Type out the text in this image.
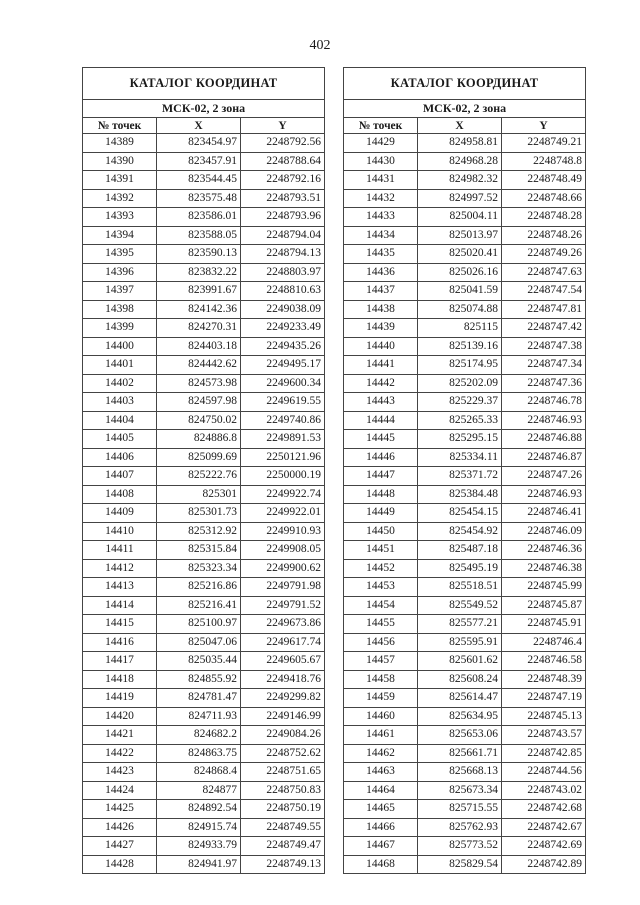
402
КАТАЛОГ КООРДИНАТ		
МСК-02, 2 зона		
№ точек	X	Y
14389	823454.97	2248792.56
14390	823457.91	2248788.64
14391	823544.45	2248792.16
14392	823575.48	2248793.51
14393	823586.01	2248793.96
14394	823588.05	2248794.04
14395	823590.13	2248794.13
14396	823832.22	2248803.97
14397	823991.67	2248810.63
14398	824142.36	2249038.09
14399	824270.31	2249233.49
14400	824403.18	2249435.26
14401	824442.62	2249495.17
14402	824573.98	2249600.34
14403	824597.98	2249619.55
14404	824750.02	2249740.86
14405	824886.8	2249891.53
14406	825099.69	2250121.96
14407	825222.76	2250000.19
14408	825301	2249922.74
14409	825301.73	2249922.01
14410	825312.92	2249910.93
14411	825315.84	2249908.05
14412	825323.34	2249900.62
14413	825216.86	2249791.98
14414	825216.41	2249791.52
14415	825100.97	2249673.86
14416	825047.06	2249617.74
14417	825035.44	2249605.67
14418	824855.92	2249418.76
14419	824781.47	2249299.82
14420	824711.93	2249146.99
14421	824682.2	2249084.26
14422	824863.75	2248752.62
14423	824868.4	2248751.65
14424	824877	2248750.83
14425	824892.54	2248750.19
14426	824915.74	2248749.55
14427	824933.79	2248749.47
14428	824941.97	2248749.13
КАТАЛОГ КООРДИНАТ		
МСК-02, 2 зона		
№ точек	X	Y
14429	824958.81	2248749.21
14430	824968.28	2248748.8
14431	824982.32	2248748.49
14432	824997.52	2248748.66
14433	825004.11	2248748.28
14434	825013.97	2248748.26
14435	825020.41	2248749.26
14436	825026.16	2248747.63
14437	825041.59	2248747.54
14438	825074.88	2248747.81
14439	825115	2248747.42
14440	825139.16	2248747.38
14441	825174.95	2248747.34
14442	825202.09	2248747.36
14443	825229.37	2248746.78
14444	825265.33	2248746.93
14445	825295.15	2248746.88
14446	825334.11	2248746.87
14447	825371.72	2248747.26
14448	825384.48	2248746.93
14449	825454.15	2248746.41
14450	825454.92	2248746.09
14451	825487.18	2248746.36
14452	825495.19	2248746.38
14453	825518.51	2248745.99
14454	825549.52	2248745.87
14455	825577.21	2248745.91
14456	825595.91	2248746.4
14457	825601.62	2248746.58
14458	825608.24	2248748.39
14459	825614.47	2248747.19
14460	825634.95	2248745.13
14461	825653.06	2248743.57
14462	825661.71	2248742.85
14463	825668.13	2248744.56
14464	825673.34	2248743.02
14465	825715.55	2248742.68
14466	825762.93	2248742.67
14467	825773.52	2248742.69
14468	825829.54	2248742.89
